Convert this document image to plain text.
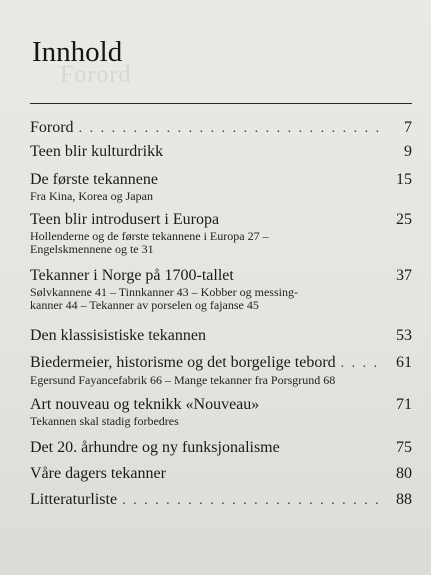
Forord
Innhold
Forord . . .	7
Teen blir kulturdrikk	9
De første tekannene	15
Fra Kina, Korea og Japan
Teen blir introdusert i Europa	25
Hollenderne og de første tekannene i Europa 27 –
Engelskmennene og te 31
Tekanner i Norge på 1700-tallet	37
Sølvkannene 41 – Tinnkanner 43 – Kobber og messing-
kanner 44 – Tekanner av porselen og fajanse 45
Den klassisistiske tekannen	53
Biedermeier, historisme og det borgelige tebord . . .	61
Egersund Fayancefabrik 66 – Mange tekanner fra Porsgrund 68
Art nouveau og teknikk «Nouveau»	71
Tekannen skal stadig forbedres
Det 20. århundre og ny funksjonalisme	75
Våre dagers tekanner	80
Litteraturliste . . .	88
